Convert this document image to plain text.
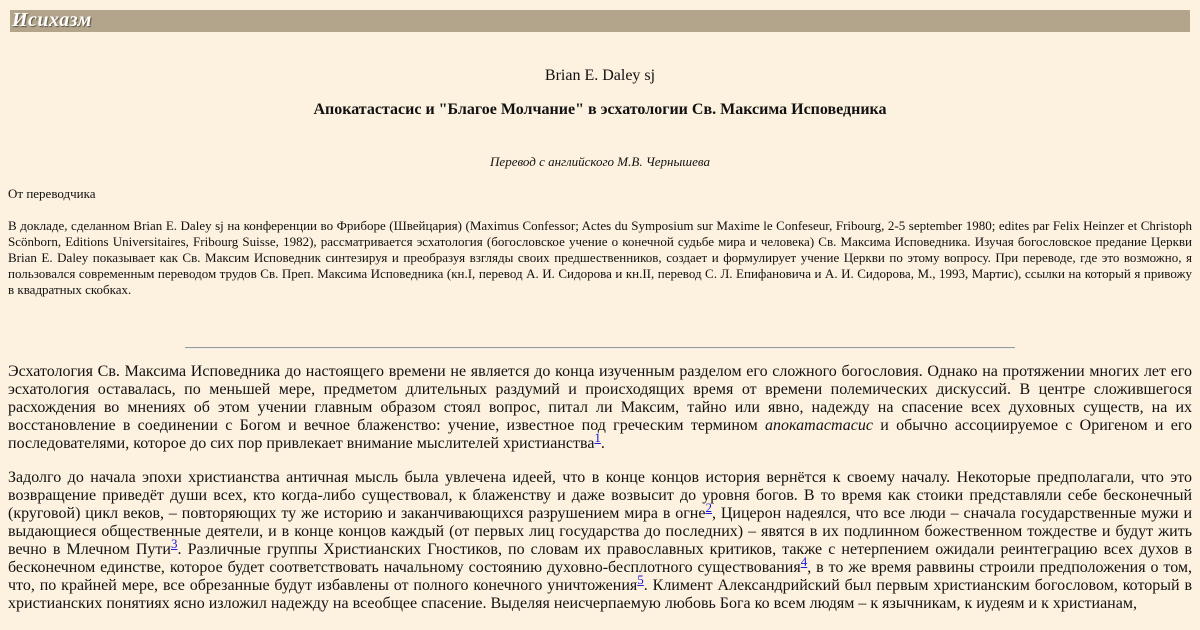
Исихазм
Brian E. Daley sj
Апокатастасис и "Благое Молчание" в эсхатологии Св. Максима Исповедника
Перевод с английского М.В. Чернышева
От переводчика

В докладе, сделанном Brian E. Daley sj на конференции во Фриборе (Швейцария) (Maximus Confessor; Actes du Symposium sur Maxime le Confeseur, Fribourg, 2-5 september 1980; edites par Felix Heinzer et Christoph Scönborn, Editions Universitaires, Fribourg Suisse, 1982), рассматривается эсхатология (богословское учение о конечной судьбе мира и человека) Св. Максима Исповедника. Изучая богословское предание Церкви Brian E. Daley показывает как Св. Максим Исповедник синтезируя и преобразуя взгляды своих предшественников, создает и формулирует учение Церкви по этому вопросу. При переводе, где это возможно, я пользовался современным переводом трудов Св. Преп. Максима Исповедника (кн.I, перевод А. И. Сидорова и кн.II, перевод С. Л. Епифановича и А. И. Сидорова, М., 1993, Мартис), ссылки на который я привожу в квадратных скобках.

Эсхатология Св. Максима Исповедника до настоящего времени не является до конца изученным разделом его сложного богословия. Однако на протяжении многих лет его эсхатология оставалась, по меньшей мере, предметом длительных раздумий и происходящих время от времени полемических дискуссий. В центре сложившегося расхождения во мнениях об этом учении главным образом стоял вопрос, питал ли Максим, тайно или явно, надежду на спасение всех духовных существ, на их восстановление в соединении с Богом и вечное блаженство: учение, известное под греческим термином апокатастасис и обычно ассоциируемое с Оригеном и его последователями, которое до сих пор привлекает внимание мыслителей христианства$^1$.

Задолго до начала эпохи христианства античная мысль была увлечена идеей, что в конце концов история вернётся к своему началу. Некоторые предполагали, что это возвращение приведёт души всех, кто когда-либо существовал, к блаженству и даже возвысит до уровня богов. В то время как стоики представляли себе бесконечный (круговой) цикл веков, – повторяющих ту же историю и заканчивающихся разрушением мира в огне$^2$, Цицерон надеялся, что все люди – сначала государственные мужи и выдающиеся общественные деятели, и в конце концов каждый (от первых лиц государства до последних) – явятся в их подлинном божественном тождестве и будут жить вечно в Млечном Пути$^3$. Различные группы Христианских Гностиков, по словам их православных критиков, также с нетерпением ожидали реинтеграцию всех духов в бесконечном единстве, которое будет соответствовать начальному состоянию духовно-бесплотного существования$^4$, в то же время раввины строили предположения о том, что, по крайней мере, все обрезанные будут избавлены от полного конечного уничтожения$^5$. Климент Александрийский был первым христианским богословом, который в христианских понятиях ясно изложил надежду на всеобщее спасение. Выделяя неисчерпаемую любовь Бога ко всем людям – к язычникам, к иудеям и к христианам,
